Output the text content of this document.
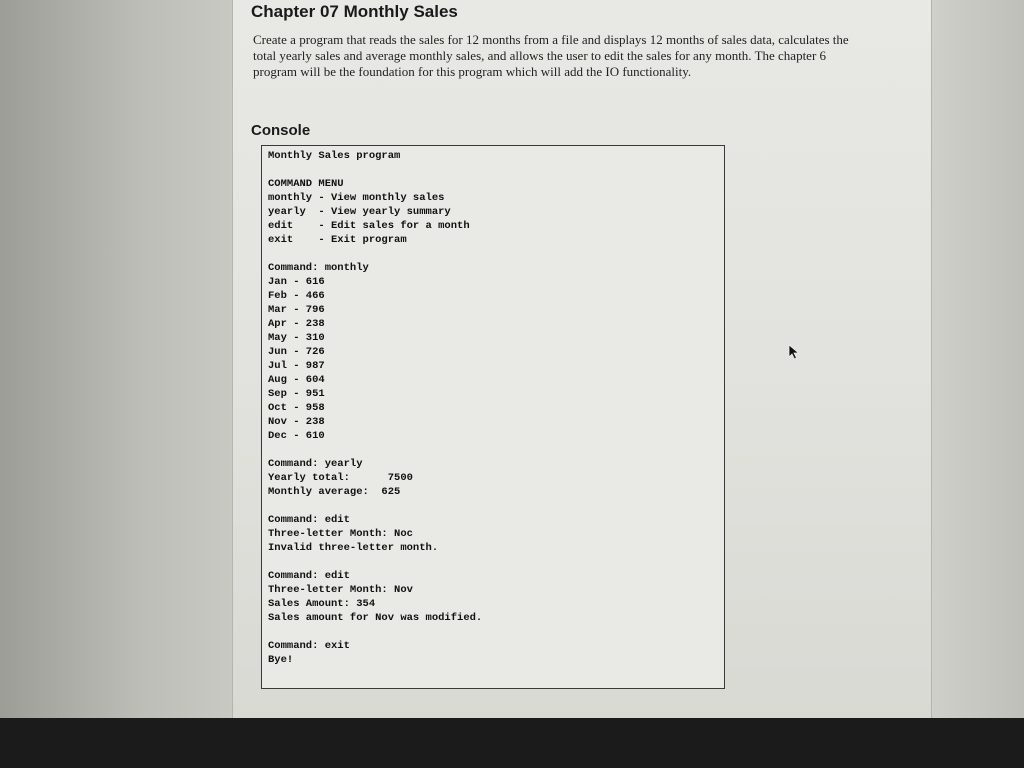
Chapter 07 Monthly Sales
Create a program that reads the sales for 12 months from a file and displays 12 months of sales data, calculates the total yearly sales and average monthly sales, and allows the user to edit the sales for any month. The chapter 6 program will be the foundation for this program which will add the IO functionality.
Console
Monthly Sales program
COMMAND MENU
monthly - View monthly sales
yearly  - View yearly summary
edit    - Edit sales for a month
exit    - Exit program
Command: monthly
Jan - 616
Feb - 466
Mar - 796
Apr - 238
May - 310
Jun - 726
Jul - 987
Aug - 604
Sep - 951
Oct - 958
Nov - 238
Dec - 610
Command: yearly
Yearly total:      7500
Monthly average:  625
Command: edit
Three-letter Month: Noc
Invalid three-letter month.
Command: edit
Three-letter Month: Nov
Sales Amount: 354
Sales amount for Nov was modified.
Command: exit
Bye!
